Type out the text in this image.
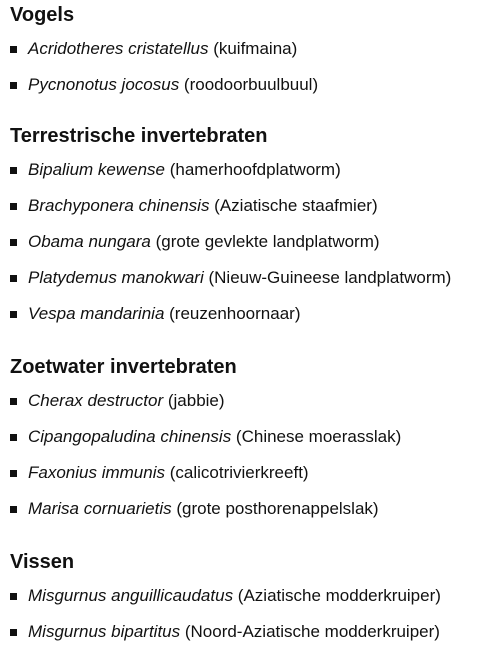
Vogels
Acridotheres cristatellus (kuifmaina)
Pycnonotus jocosus (roodoorbuulbuul)
Terrestrische invertebraten
Bipalium kewense (hamerhoofdplatworm)
Brachyponera chinensis (Aziatische staafmier)
Obama nungara (grote gevlekte landplatworm)
Platydemus manokwari (Nieuw-Guineese landplatworm)
Vespa mandarinia (reuzenhoornaar)
Zoetwater invertebraten
Cherax destructor (jabbie)
Cipangopaludina chinensis (Chinese moerasslak)
Faxonius immunis (calicotrivierkreeft)
Marisa cornuarietis (grote posthorenappelslak)
Vissen
Misgurnus anguillicaudatus (Aziatische modderkruiper)
Misgurnus bipartitus (Noord-Aziatische modderkruiper)
